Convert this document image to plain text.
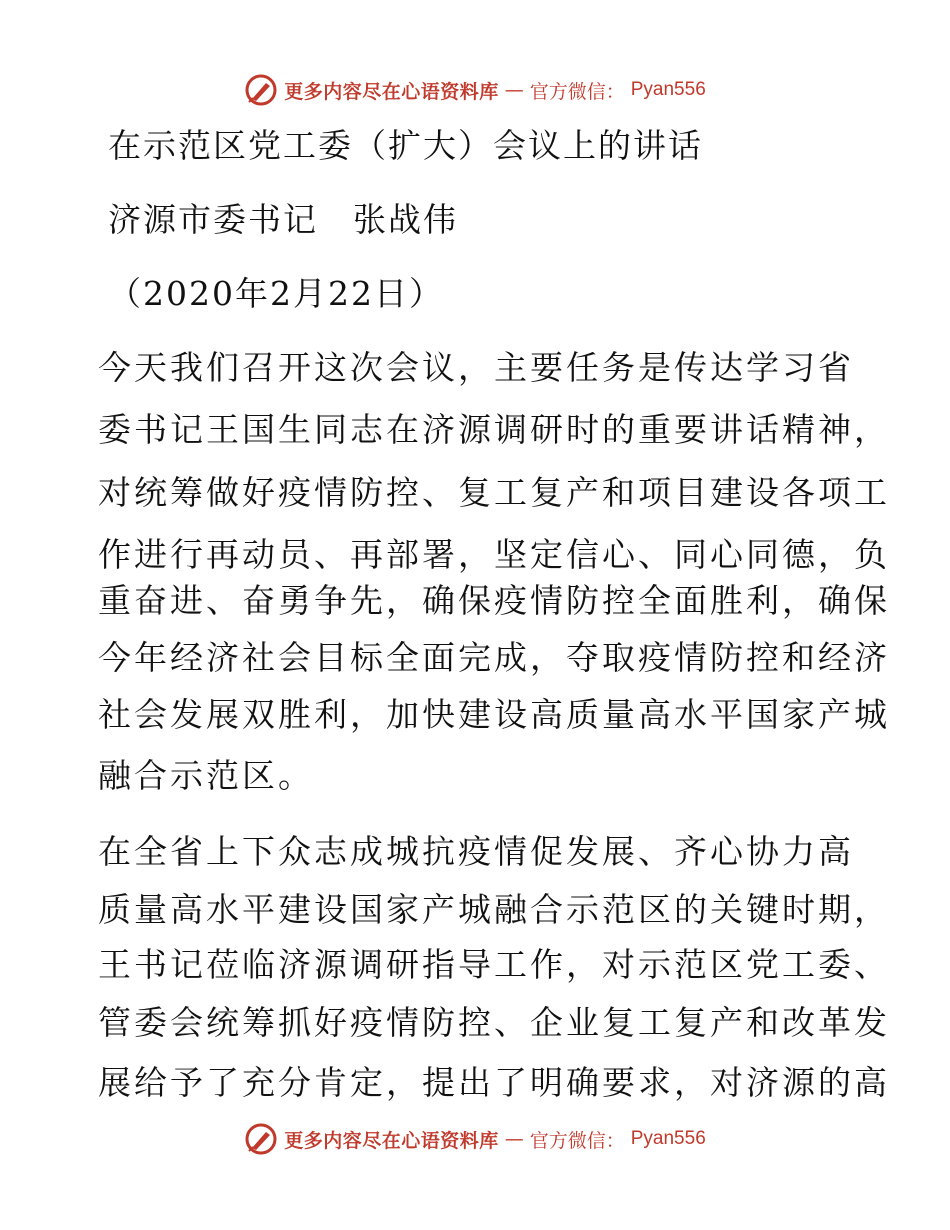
更多内容尽在心语资料库 — 官方微信： Pyan556
在示范区党工委（扩大）会议上的讲话
济源市委书记　张战伟
（2020年2月22日）
今天我们召开这次会议，主要任务是传达学习省
委书记王国生同志在济源调研时的重要讲话精神，
对统筹做好疫情防控、复工复产和项目建设各项工
作进行再动员、再部署，坚定信心、同心同德，负
重奋进、奋勇争先，确保疫情防控全面胜利，确保
今年经济社会目标全面完成，夺取疫情防控和经济
社会发展双胜利，加快建设高质量高水平国家产城
融合示范区。
在全省上下众志成城抗疫情促发展、齐心协力高
质量高水平建设国家产城融合示范区的关键时期，
王书记莅临济源调研指导工作，对示范区党工委、
管委会统筹抓好疫情防控、企业复工复产和改革发
展给予了充分肯定，提出了明确要求，对济源的高
更多内容尽在心语资料库 — 官方微信： Pyan556
